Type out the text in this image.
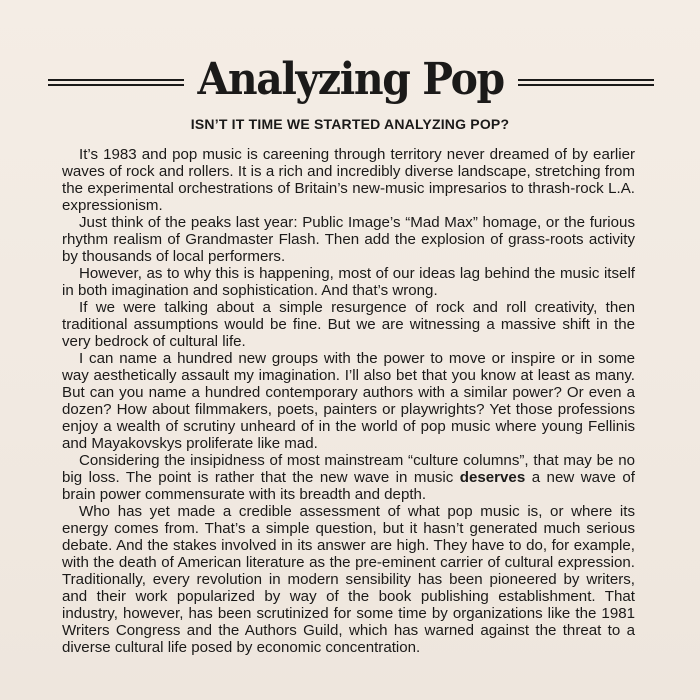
Analyzing Pop
ISN’T IT TIME WE STARTED ANALYZING POP?

It’s 1983 and pop music is careening through territory never dreamed of by earlier waves of rock and rollers. It is a rich and incredibly diverse landscape, stretching from the experimental orchestrations of Britain’s new-music impresarios to thrash-rock L.A. expressionism.

Just think of the peaks last year: Public Image’s “Mad Max” homage, or the furious rhythm realism of Grandmaster Flash. Then add the explosion of grass-roots activity by thousands of local performers.

However, as to why this is happening, most of our ideas lag behind the music itself in both imagination and sophistication. And that’s wrong.

If we were talking about a simple resurgence of rock and roll creativity, then traditional assumptions would be fine. But we are witnessing a massive shift in the very bedrock of cultural life.

I can name a hundred new groups with the power to move or inspire or in some way aesthetically assault my imagination. I’ll also bet that you know at least as many. But can you name a hundred contemporary authors with a similar power? Or even a dozen? How about filmmakers, poets, painters or playwrights? Yet those professions enjoy a wealth of scrutiny unheard of in the world of pop music where young Fellinis and Mayakovskys proliferate like mad.

Considering the insipidness of most mainstream “culture columns”, that may be no big loss. The point is rather that the new wave in music deserves a new wave of brain power commensurate with its breadth and depth.

Who has yet made a credible assessment of what pop music is, or where its energy comes from. That’s a simple question, but it hasn’t generated much serious debate. And the stakes involved in its answer are high. They have to do, for example, with the death of American literature as the pre-eminent carrier of cultural expression. Traditionally, every revolution in modern sensibility has been pioneered by writers, and their work popularized by way of the book publishing establishment. That industry, however, has been scrutinized for some time by organizations like the 1981 Writers Congress and the Authors Guild, which has warned against the threat to a diverse cultural life posed by economic concentration.
